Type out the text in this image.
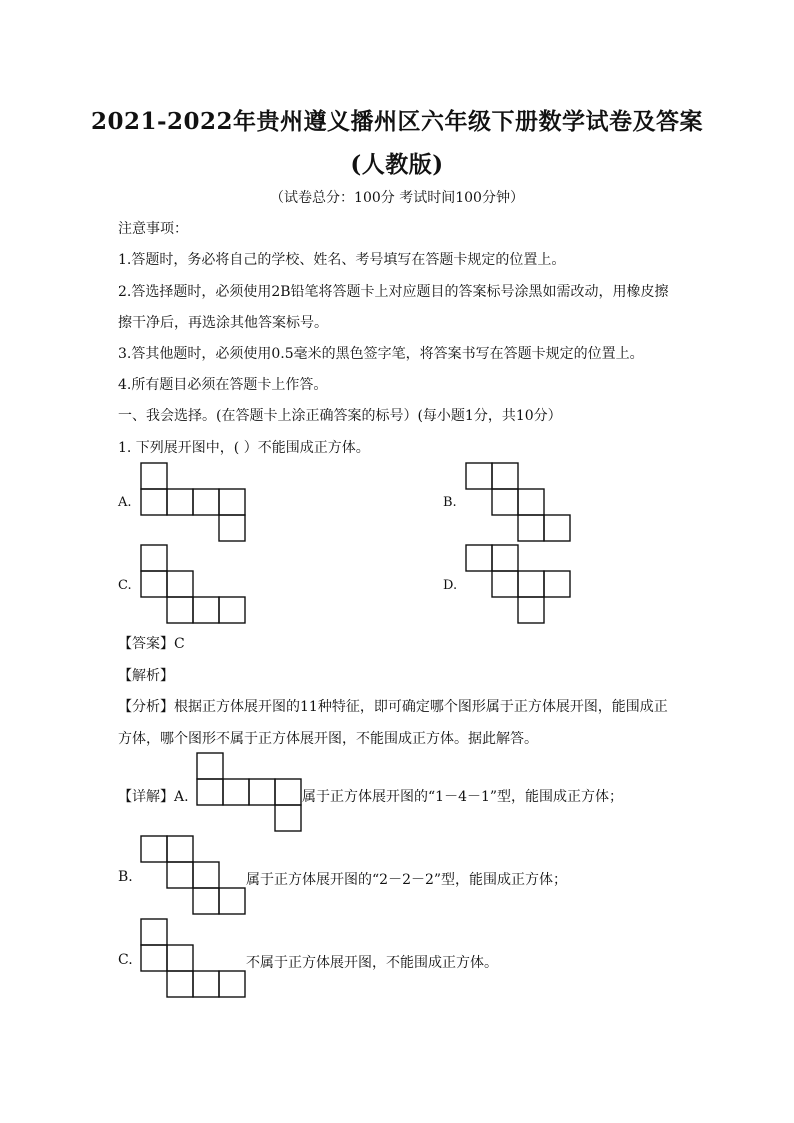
2021-2022年贵州遵义播州区六年级下册数学试卷及答案
(人教版)
（试卷总分：100分 考试时间100分钟）
注意事项：
1.答题时，务必将自己的学校、姓名、考号填写在答题卡规定的位置上。
2.答选择题时，必须使用2B铅笔将答题卡上对应题目的答案标号涂黑如需改动，用橡皮擦
擦干净后，再选涂其他答案标号。
3.答其他题时，必须使用0.5毫米的黑色签字笔，将答案书写在答题卡规定的位置上。
4.所有题目必须在答题卡上作答。
一、我会选择。(在答题卡上涂正确答案的标号）(每小题1分，共10分）
1. 下列展开图中，( ）不能围成正方体。
A.	B.
C.	D.
【答案】C
【解析】
【分析】根据正方体展开图的11种特征，即可确定哪个图形属于正方体展开图，能围成正
方体，哪个图形不属于正方体展开图，不能围成正方体。据此解答。
【详解】A.	属于正方体展开图的“1－4－1”型，能围成正方体；
B.	属于正方体展开图的“2－2－2”型，能围成正方体；
C.	不属于正方体展开图，不能围成正方体。
